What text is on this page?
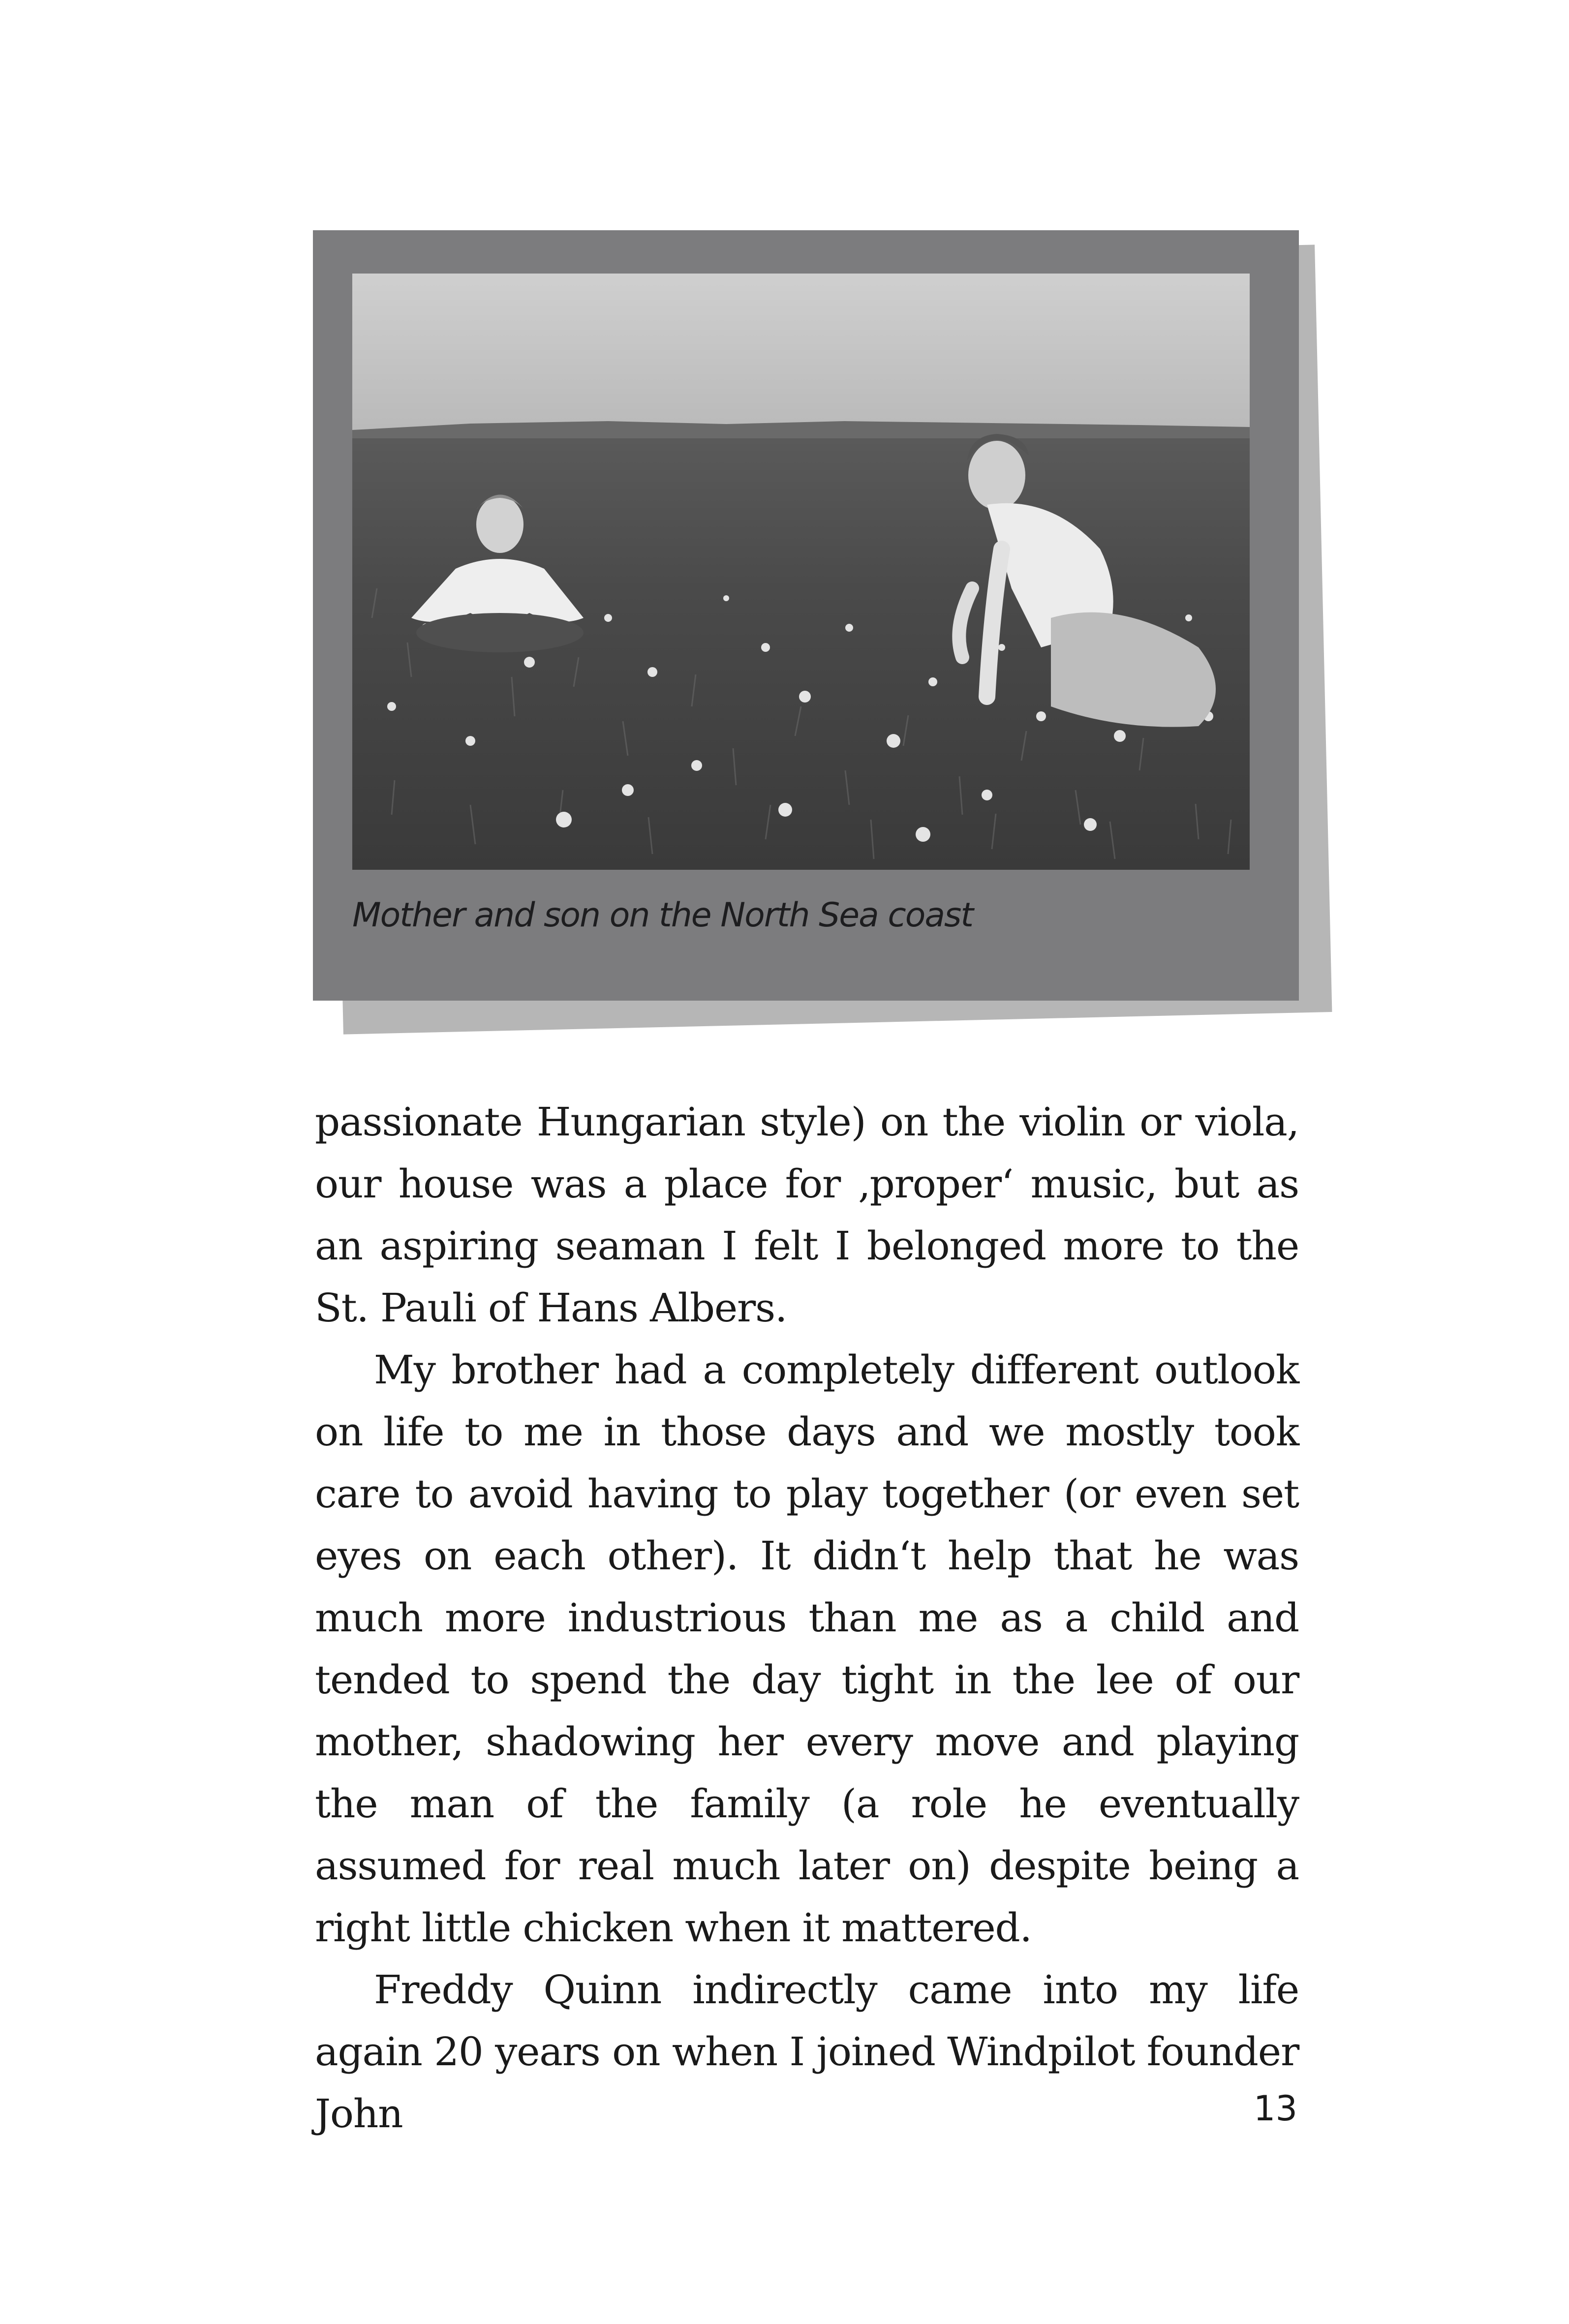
Mother and son on the North Sea coast

passionate Hungarian style) on the violin or viola, our house was a place for ‚proper‘ music, but as an aspiring seaman I felt I belonged more to the St. Pauli of Hans Albers.

My brother had a completely different outlook on life to me in those days and we mostly took care to avoid having to play together (or even set eyes on each other). It didn‘t help that he was much more industrious than me as a child and tended to spend the day tight in the lee of our mother, shadowing her every move and playing the man of the family (a role he eventually assumed for real much later on) despite being a right little chicken when it mattered.

Freddy Quinn indirectly came into my life again 20 years on when I joined Windpilot founder John	13
